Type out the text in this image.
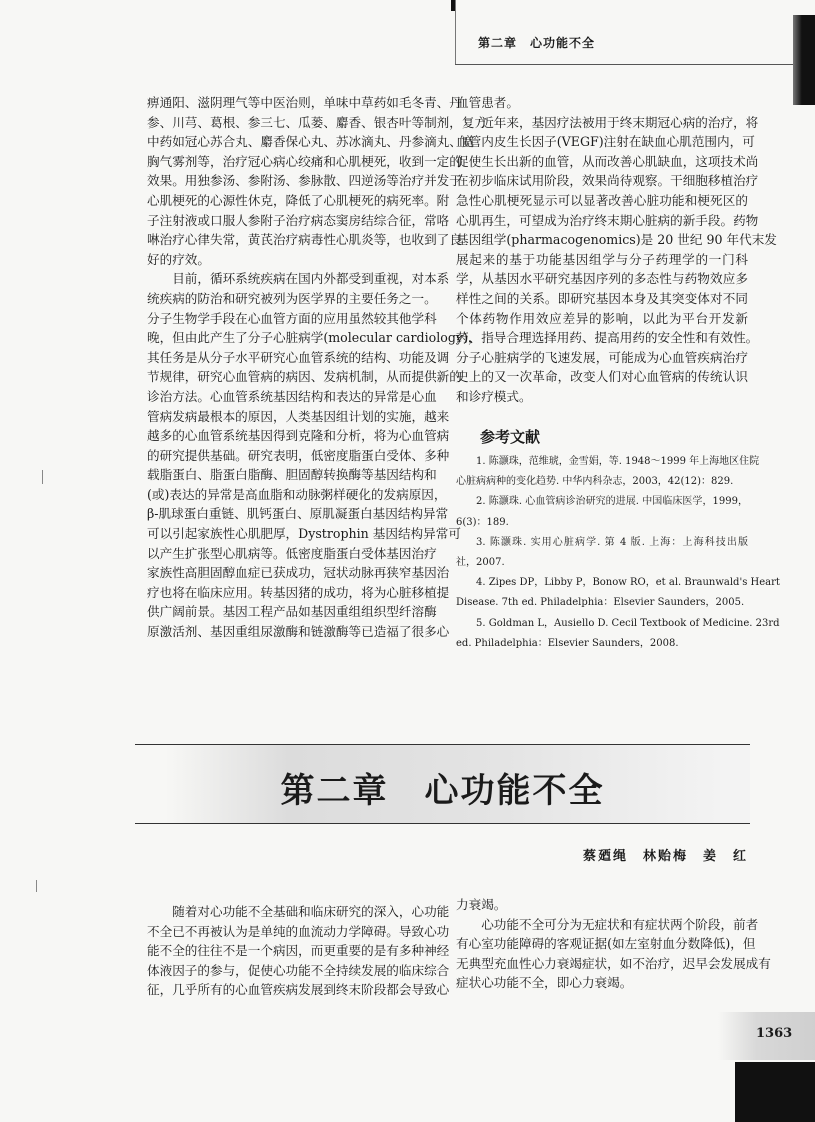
第二章　心功能不全
痹通阳、滋阴理气等中医治则，单味中草药如毛冬青、丹
参、川芎、葛根、参三七、瓜蒌、麝香、银杏叶等制剂，复方
中药如冠心苏合丸、麝香保心丸、苏冰滴丸、丹参滴丸、宽
胸气雾剂等，治疗冠心病心绞痛和心肌梗死，收到一定的
效果。用独参汤、参附汤、参脉散、四逆汤等治疗并发于
心肌梗死的心源性休克，降低了心肌梗死的病死率。附
子注射液或口服人参附子治疗病态窦房结综合征，常咯
啉治疗心律失常，黄芪治疗病毒性心肌炎等，也收到了良
好的疗效。
目前，循环系统疾病在国内外都受到重视，对本系
统疾病的防治和研究被列为医学界的主要任务之一。
分子生物学手段在心血管方面的应用虽然较其他学科
晚，但由此产生了分子心脏病学(molecular cardiology)，
其任务是从分子水平研究心血管系统的结构、功能及调
节规律，研究心血管病的病因、发病机制，从而提供新的
诊治方法。心血管系统基因结构和表达的异常是心血
管病发病最根本的原因，人类基因组计划的实施，越来
越多的心血管系统基因得到克隆和分析，将为心血管病
的研究提供基础。研究表明，低密度脂蛋白受体、多种
载脂蛋白、脂蛋白脂酶、胆固醇转换酶等基因结构和
(或)表达的异常是高血脂和动脉粥样硬化的发病原因，
β-肌球蛋白重链、肌钙蛋白、原肌凝蛋白基因结构异常
可以引起家族性心肌肥厚，Dystrophin 基因结构异常可
以产生扩张型心肌病等。低密度脂蛋白受体基因治疗
家族性高胆固醇血症已获成功，冠状动脉再狭窄基因治
疗也将在临床应用。转基因猪的成功，将为心脏移植提
供广阔前景。基因工程产品如基因重组组织型纤溶酶
原激活剂、基因重组尿激酶和链激酶等已造福了很多心
血管患者。
近年来，基因疗法被用于终末期冠心病的治疗，将
血管内皮生长因子(VEGF)注射在缺血心肌范围内，可
促使生长出新的血管，从而改善心肌缺血，这项技术尚
在初步临床试用阶段，效果尚待观察。干细胞移植治疗
急性心肌梗死显示可以显著改善心脏功能和梗死区的
心肌再生，可望成为治疗终末期心脏病的新手段。药物
基因组学(pharmacogenomics)是 20 世纪 90 年代末发
展起来的基于功能基因组学与分子药理学的一门科
学，从基因水平研究基因序列的多态性与药物效应多
样性之间的关系。即研究基因本身及其突变体对不同
个体药物作用效应差异的影响，以此为平台开发新
药、指导合理选择用药、提高用药的安全性和有效性。
分子心脏病学的飞速发展，可能成为心血管疾病治疗
史上的又一次革命，改变人们对心血管病的传统认识
和诊疗模式。
参考文献
1. 陈灏珠，范维琥，金雪娟，等. 1948～1999 年上海地区住院
心脏病病种的变化趋势. 中华内科杂志，2003，42(12)：829.
2. 陈灏珠. 心血管病诊治研究的进展. 中国临床医学，1999，
6(3)：189.
3. 陈灏珠. 实用心脏病学. 第 4 版. 上海：上海科技出版
社，2007.
4. Zipes DP，Libby P，Bonow RO，et al. Braunwald's Heart
Disease. 7th ed. Philadelphia：Elsevier Saunders，2005.
5. Goldman L，Ausiello D. Cecil Textbook of Medicine. 23rd
ed. Philadelphia：Elsevier Saunders，2008.
第二章　心功能不全
蔡廼绳　林贻梅　姜　红
随着对心功能不全基础和临床研究的深入，心功能
不全已不再被认为是单纯的血流动力学障碍。导致心功
能不全的往往不是一个病因，而更重要的是有多种神经
体液因子的参与，促使心功能不全持续发展的临床综合
征，几乎所有的心血管疾病发展到终末阶段都会导致心
力衰竭。
心功能不全可分为无症状和有症状两个阶段，前者
有心室功能障碍的客观证据(如左室射血分数降低)，但
无典型充血性心力衰竭症状，如不治疗，迟早会发展成有
症状心功能不全，即心力衰竭。
1363
